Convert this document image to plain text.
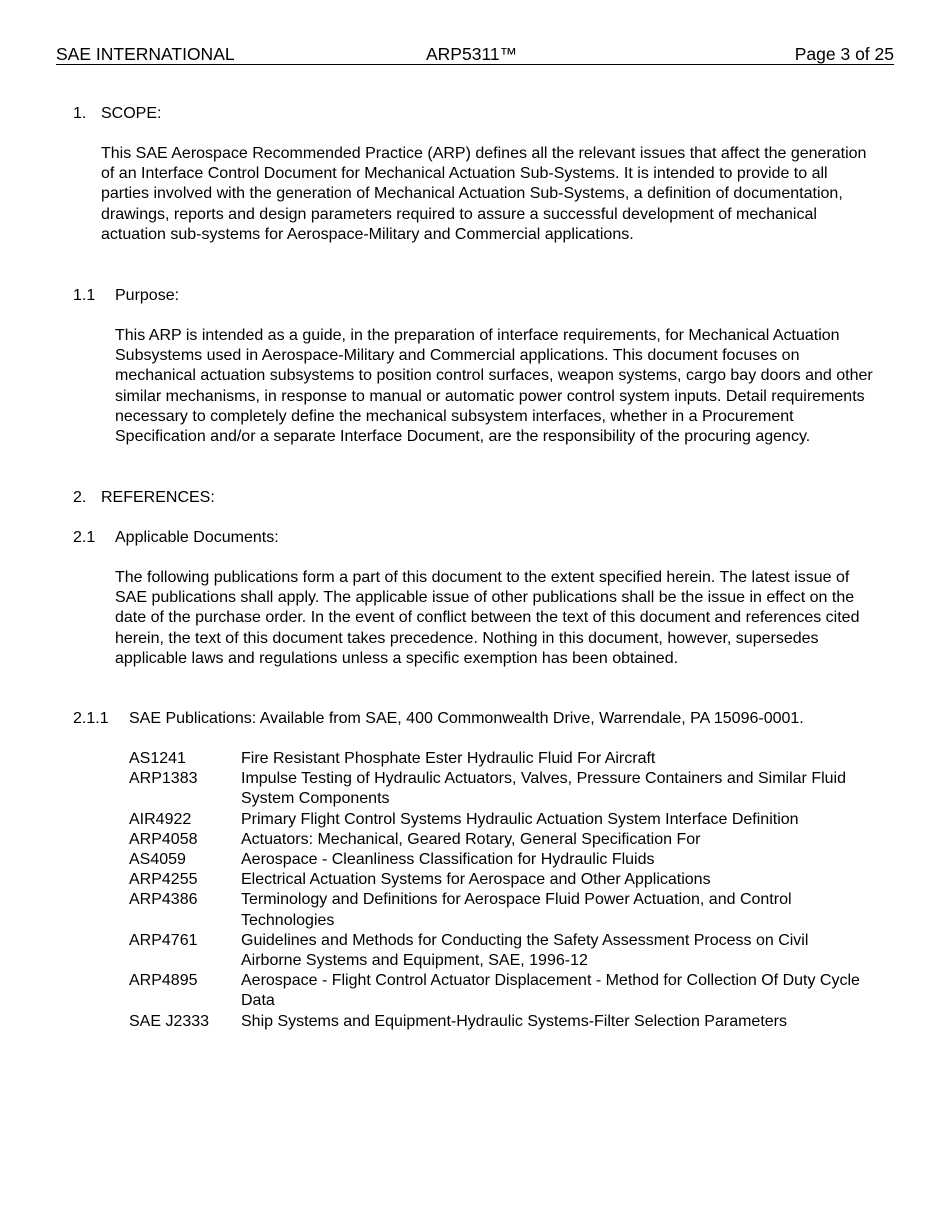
SAE INTERNATIONAL	ARP5311™	Page 3 of 25
1. SCOPE:

This SAE Aerospace Recommended Practice (ARP) defines all the relevant issues that affect the generation of an Interface Control Document for Mechanical Actuation Sub-Systems. It is intended to provide to all parties involved with the generation of Mechanical Actuation Sub-Systems, a definition of documentation, drawings, reports and design parameters required to assure a successful development of mechanical actuation sub-systems for Aerospace-Military and Commercial applications.

1.1 Purpose:

This ARP is intended as a guide, in the preparation of interface requirements, for Mechanical Actuation Subsystems used in Aerospace-Military and Commercial applications. This document focuses on mechanical actuation subsystems to position control surfaces, weapon systems, cargo bay doors and other similar mechanisms, in response to manual or automatic power control system inputs. Detail requirements necessary to completely define the mechanical subsystem interfaces, whether in a Procurement Specification and/or a separate Interface Document, are the responsibility of the procuring agency.

2. REFERENCES:
2.1 Applicable Documents:

The following publications form a part of this document to the extent specified herein. The latest issue of SAE publications shall apply. The applicable issue of other publications shall be the issue in effect on the date of the purchase order. In the event of conflict between the text of this document and references cited herein, the text of this document takes precedence. Nothing in this document, however, supersedes applicable laws and regulations unless a specific exemption has been obtained.

2.1.1 SAE Publications: Available from SAE, 400 Commonwealth Drive, Warrendale, PA 15096-0001.
AS1241	Fire Resistant Phosphate Ester Hydraulic Fluid For Aircraft
ARP1383	Impulse Testing of Hydraulic Actuators, Valves, Pressure Containers and Similar Fluid System Components
AIR4922	Primary Flight Control Systems Hydraulic Actuation System Interface Definition
ARP4058	Actuators: Mechanical, Geared Rotary, General Specification For
AS4059	Aerospace - Cleanliness Classification for Hydraulic Fluids
ARP4255	Electrical Actuation Systems for Aerospace and Other Applications
ARP4386	Terminology and Definitions for Aerospace Fluid Power Actuation, and Control Technologies
ARP4761	Guidelines and Methods for Conducting the Safety Assessment Process on Civil Airborne Systems and Equipment, SAE, 1996-12
ARP4895	Aerospace - Flight Control Actuator Displacement - Method for Collection Of Duty Cycle Data
SAE J2333	Ship Systems and Equipment-Hydraulic Systems-Filter Selection Parameters
